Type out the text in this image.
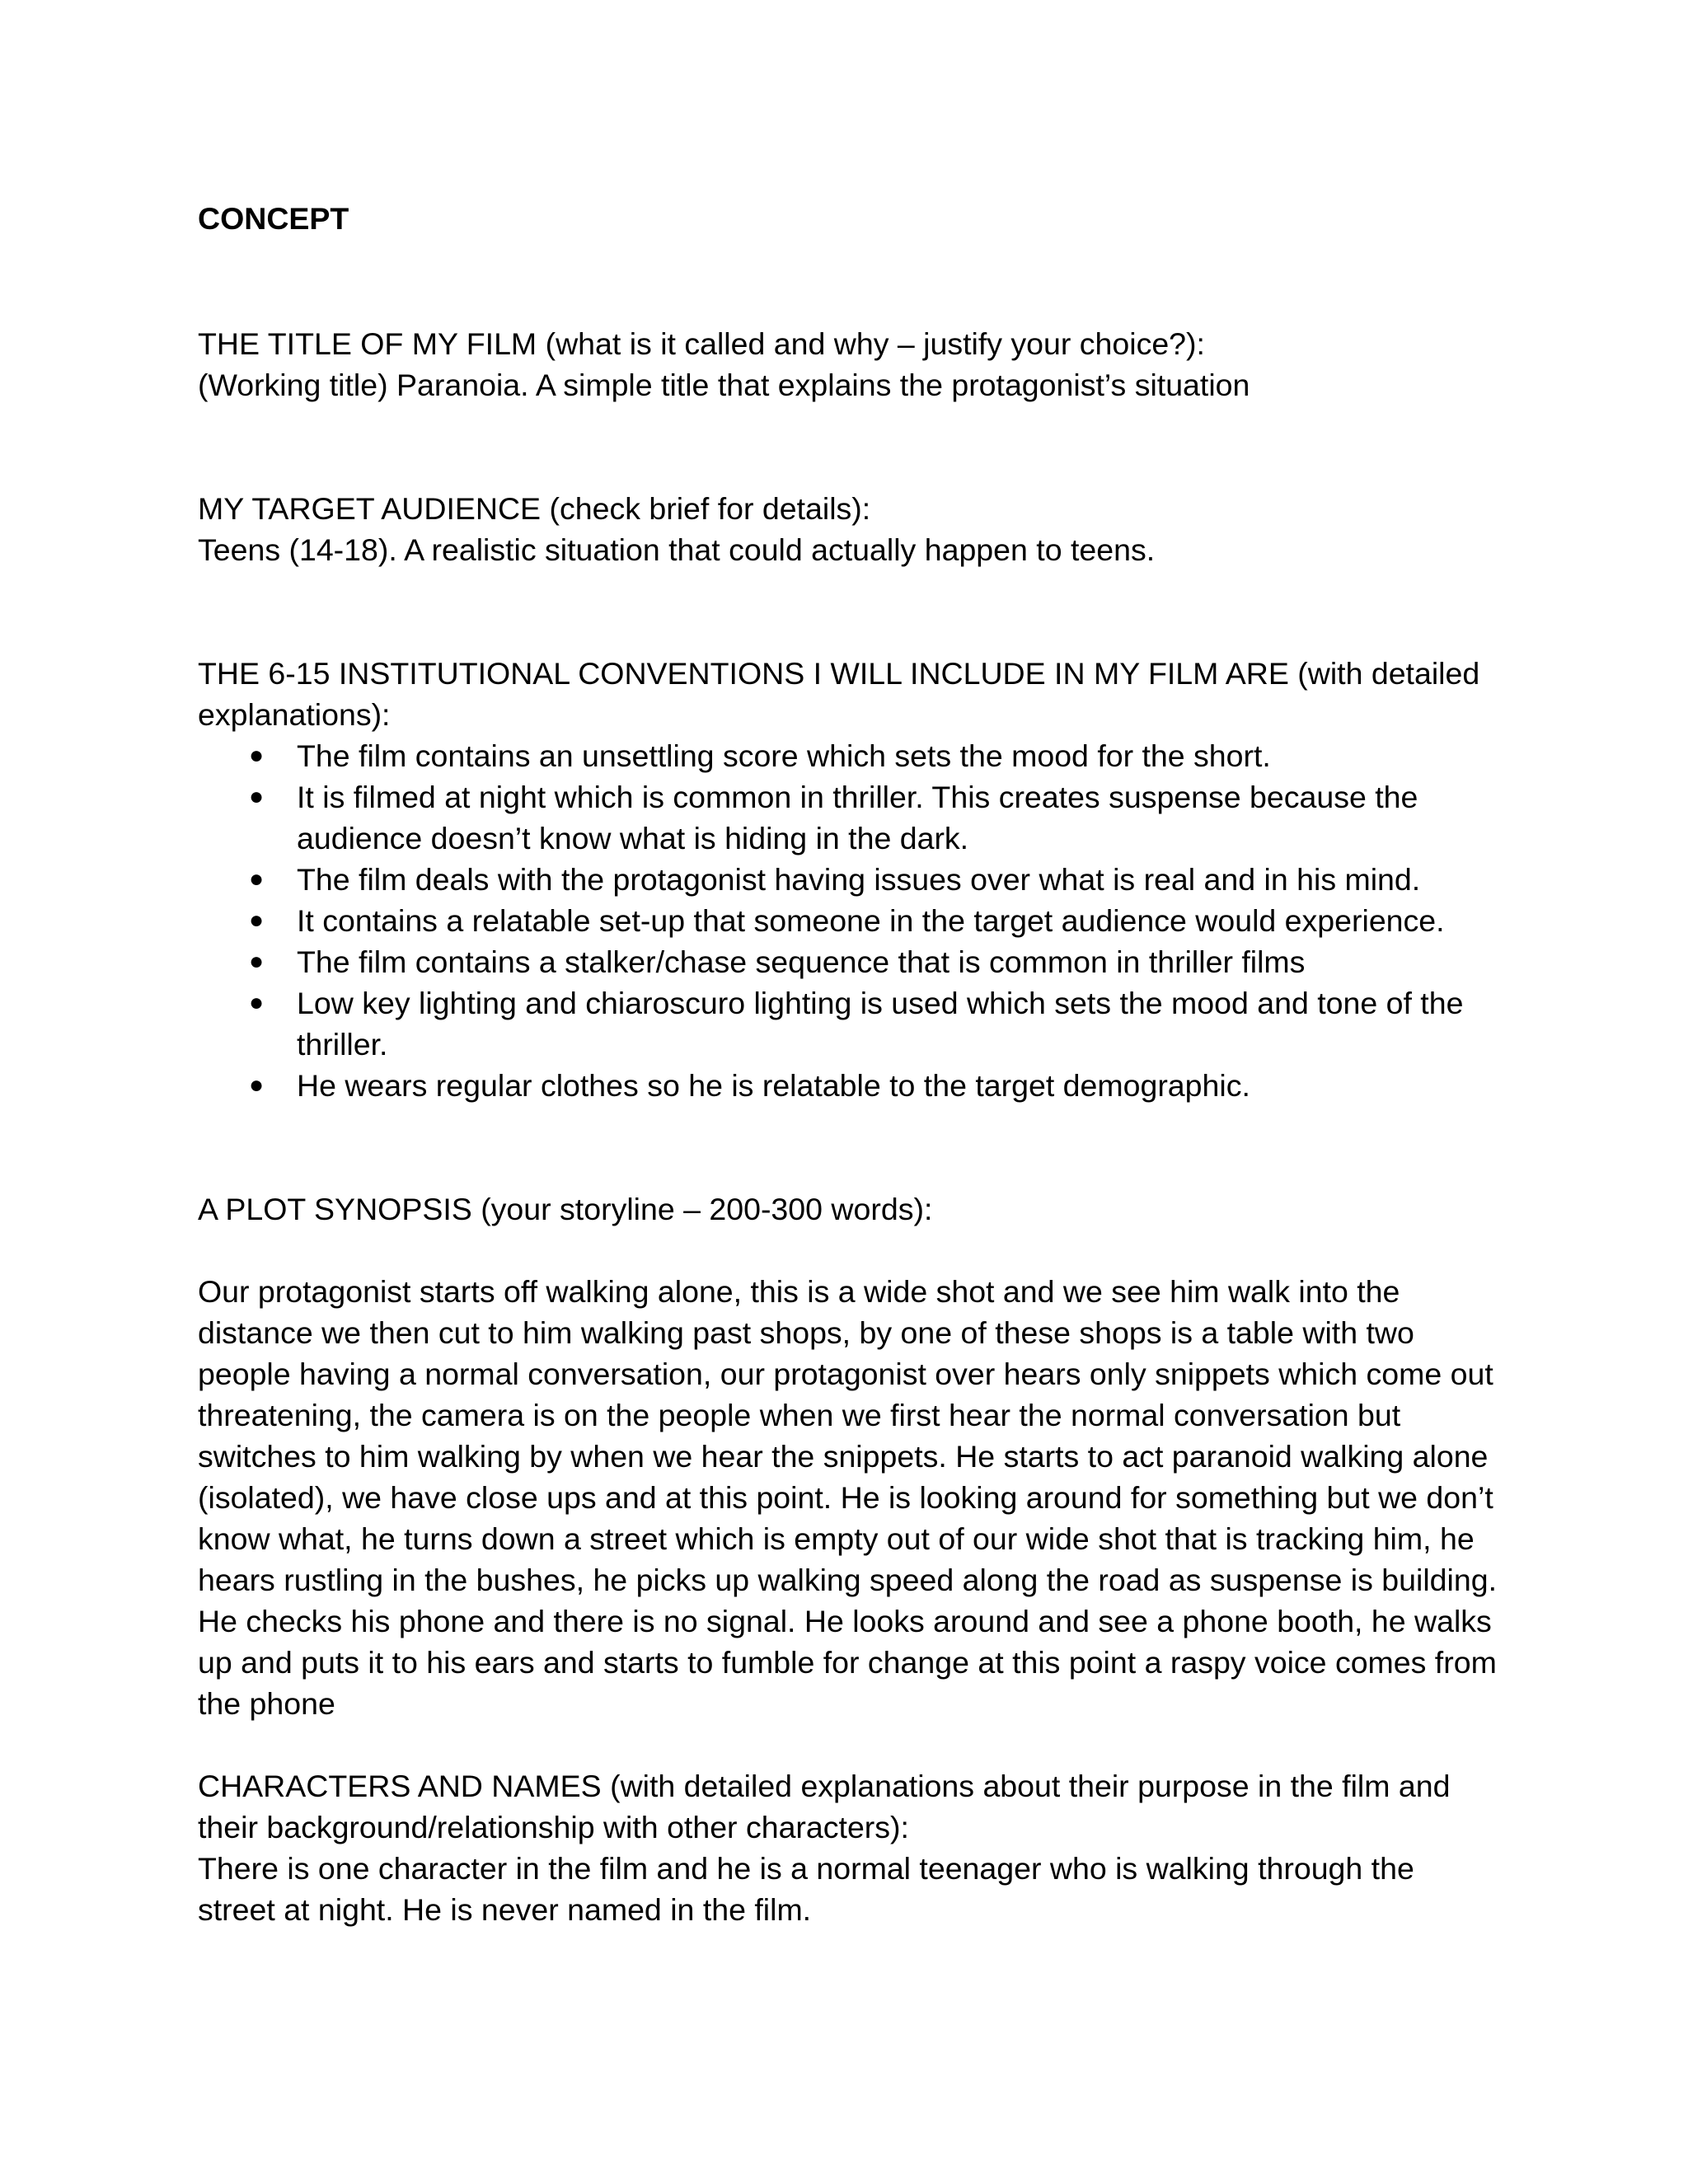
CONCEPT

THE TITLE OF MY FILM (what is it called and why – justify your choice?):

(Working title) Paranoia. A simple title that explains the protagonist’s situation

MY TARGET AUDIENCE (check brief for details):

Teens (14-18). A realistic situation that could actually happen to teens.

THE 6-15 INSTITUTIONAL CONVENTIONS I WILL INCLUDE IN MY FILM ARE (with detailed explanations):

● The film contains an unsettling score which sets the mood for the short.
● It is filmed at night which is common in thriller. This creates suspense because the audience doesn’t know what is hiding in the dark.
● The film deals with the protagonist having issues over what is real and in his mind.
● It contains a relatable set-up that someone in the target audience would experience.
● The film contains a stalker/chase sequence that is common in thriller films
● Low key lighting and chiaroscuro lighting is used which sets the mood and tone of the thriller.
● He wears regular clothes so he is relatable to the target demographic.

A PLOT SYNOPSIS (your storyline – 200-300 words):

Our protagonist starts off walking alone, this is a wide shot and we see him walk into the distance we then cut to him walking past shops, by one of these shops is a table with two people having a normal conversation, our protagonist over hears only snippets which come out threatening, the camera is on the people when we first hear the normal conversation but switches to him walking by when we hear the snippets. He starts to act paranoid walking alone (isolated), we have close ups and at this point. He is looking around for something but we don’t know what, he turns down a street which is empty out of our wide shot that is tracking him, he hears rustling in the bushes, he picks up walking speed along the road as suspense is building. He checks his phone and there is no signal. He looks around and see a phone booth, he walks up and puts it to his ears and starts to fumble for change at this point a raspy voice comes from the phone

CHARACTERS AND NAMES (with detailed explanations about their purpose in the film and their background/relationship with other characters):

There is one character in the film and he is a normal teenager who is walking through the street at night. He is never named in the film.
